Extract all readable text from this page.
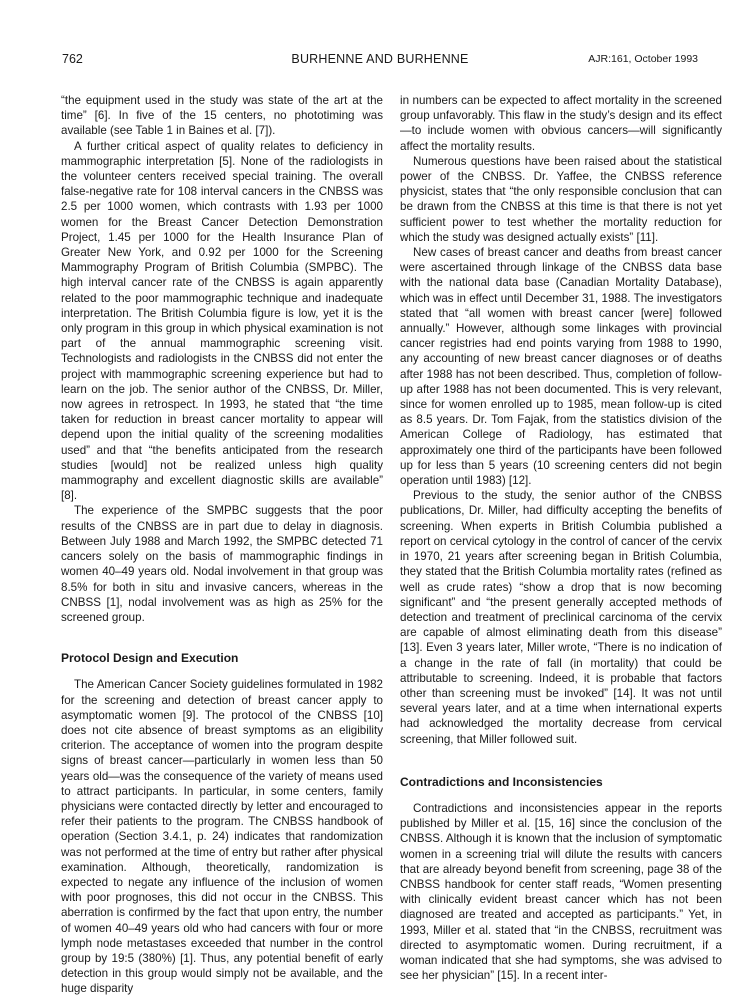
762	BURHENNE AND BURHENNE	AJR:161, October 1993

“the equipment used in the study was state of the art at the time” [6]. In five of the 15 centers, no phototiming was available (see Table 1 in Baines et al. [7]).

A further critical aspect of quality relates to deficiency in mammographic interpretation [5]. None of the radiologists in the volunteer centers received special training. The overall false-negative rate for 108 interval cancers in the CNBSS was 2.5 per 1000 women, which contrasts with 1.93 per 1000 women for the Breast Cancer Detection Demonstration Project, 1.45 per 1000 for the Health Insurance Plan of Greater New York, and 0.92 per 1000 for the Screening Mammography Program of British Columbia (SMPBC). The high interval cancer rate of the CNBSS is again apparently related to the poor mammographic technique and inadequate interpretation. The British Columbia figure is low, yet it is the only program in this group in which physical examination is not part of the annual mammographic screening visit. Technologists and radiologists in the CNBSS did not enter the project with mammographic screening experience but had to learn on the job. The senior author of the CNBSS, Dr. Miller, now agrees in retrospect. In 1993, he stated that “the time taken for reduction in breast cancer mortality to appear will depend upon the initial quality of the screening modalities used” and that “the benefits anticipated from the research studies [would] not be realized unless high quality mammography and excellent diagnostic skills are available” [8].

The experience of the SMPBC suggests that the poor results of the CNBSS are in part due to delay in diagnosis. Between July 1988 and March 1992, the SMPBC detected 71 cancers solely on the basis of mammographic findings in women 40–49 years old. Nodal involvement in that group was 8.5% for both in situ and invasive cancers, whereas in the CNBSS [1], nodal involvement was as high as 25% for the screened group.

Protocol Design and Execution

The American Cancer Society guidelines formulated in 1982 for the screening and detection of breast cancer apply to asymptomatic women [9]. The protocol of the CNBSS [10] does not cite absence of breast symptoms as an eligibility criterion. The acceptance of women into the program despite signs of breast cancer—particularly in women less than 50 years old—was the consequence of the variety of means used to attract participants. In particular, in some centers, family physicians were contacted directly by letter and encouraged to refer their patients to the program. The CNBSS handbook of operation (Section 3.4.1, p. 24) indicates that randomization was not performed at the time of entry but rather after physical examination. Although, theoretically, randomization is expected to negate any influence of the inclusion of women with poor prognoses, this did not occur in the CNBSS. This aberration is confirmed by the fact that upon entry, the number of women 40–49 years old who had cancers with four or more lymph node metastases exceeded that number in the control group by 19:5 (380%) [1]. Thus, any potential benefit of early detection in this group would simply not be available, and the huge disparity

in numbers can be expected to affect mortality in the screened group unfavorably. This flaw in the study’s design and its effect—to include women with obvious cancers—will significantly affect the mortality results.

Numerous questions have been raised about the statistical power of the CNBSS. Dr. Yaffee, the CNBSS reference physicist, states that “the only responsible conclusion that can be drawn from the CNBSS at this time is that there is not yet sufficient power to test whether the mortality reduction for which the study was designed actually exists” [11].

New cases of breast cancer and deaths from breast cancer were ascertained through linkage of the CNBSS data base with the national data base (Canadian Mortality Database), which was in effect until December 31, 1988. The investigators stated that “all women with breast cancer [were] followed annually.” However, although some linkages with provincial cancer registries had end points varying from 1988 to 1990, any accounting of new breast cancer diagnoses or of deaths after 1988 has not been described. Thus, completion of follow-up after 1988 has not been documented. This is very relevant, since for women enrolled up to 1985, mean follow-up is cited as 8.5 years. Dr. Tom Fajak, from the statistics division of the American College of Radiology, has estimated that approximately one third of the participants have been followed up for less than 5 years (10 screening centers did not begin operation until 1983) [12].

Previous to the study, the senior author of the CNBSS publications, Dr. Miller, had difficulty accepting the benefits of screening. When experts in British Columbia published a report on cervical cytology in the control of cancer of the cervix in 1970, 21 years after screening began in British Columbia, they stated that the British Columbia mortality rates (refined as well as crude rates) “show a drop that is now becoming significant” and “the present generally accepted methods of detection and treatment of preclinical carcinoma of the cervix are capable of almost eliminating death from this disease” [13]. Even 3 years later, Miller wrote, “There is no indication of a change in the rate of fall (in mortality) that could be attributable to screening. Indeed, it is probable that factors other than screening must be invoked” [14]. It was not until several years later, and at a time when international experts had acknowledged the mortality decrease from cervical screening, that Miller followed suit.

Contradictions and Inconsistencies

Contradictions and inconsistencies appear in the reports published by Miller et al. [15, 16] since the conclusion of the CNBSS. Although it is known that the inclusion of symptomatic women in a screening trial will dilute the results with cancers that are already beyond benefit from screening, page 38 of the CNBSS handbook for center staff reads, “Women presenting with clinically evident breast cancer which has not been diagnosed are treated and accepted as participants.” Yet, in 1993, Miller et al. stated that “in the CNBSS, recruitment was directed to asymptomatic women. During recruitment, if a woman indicated that she had symptoms, she was advised to see her physician” [15]. In a recent inter-
